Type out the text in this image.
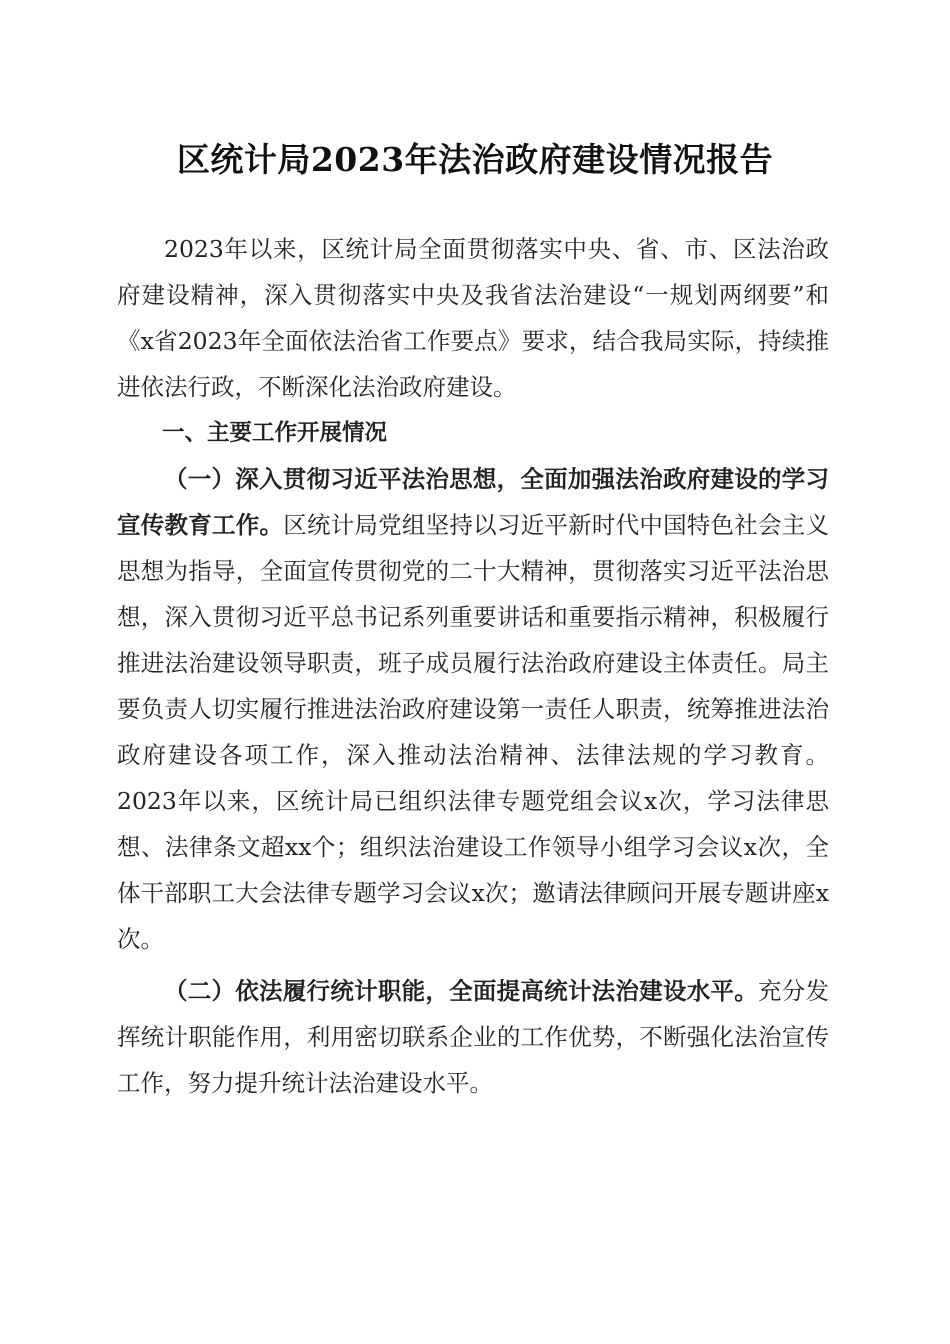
区统计局2023年法治政府建设情况报告

2023年以来，区统计局全面贯彻落实中央、省、市、区法治政府建设精神，深入贯彻落实中央及我省法治建设“一规划两纲要”和《x省2023年全面依法治省工作要点》要求，结合我局实际，持续推进依法行政，不断深化法治政府建设。

一、主要工作开展情况

（一）深入贯彻习近平法治思想，全面加强法治政府建设的学习宣传教育工作。区统计局党组坚持以习近平新时代中国特色社会主义思想为指导，全面宣传贯彻党的二十大精神，贯彻落实习近平法治思想，深入贯彻习近平总书记系列重要讲话和重要指示精神，积极履行推进法治建设领导职责，班子成员履行法治政府建设主体责任。局主要负责人切实履行推进法治政府建设第一责任人职责，统筹推进法治政府建设各项工作，深入推动法治精神、法律法规的学习教育。2023年以来，区统计局已组织法律专题党组会议x次，学习法律思想、法律条文超xx个；组织法治建设工作领导小组学习会议x次，全体干部职工大会法律专题学习会议x次；邀请法律顾问开展专题讲座x次。

（二）依法履行统计职能，全面提高统计法治建设水平。充分发挥统计职能作用，利用密切联系企业的工作优势，不断强化法治宣传工作，努力提升统计法治建设水平。
